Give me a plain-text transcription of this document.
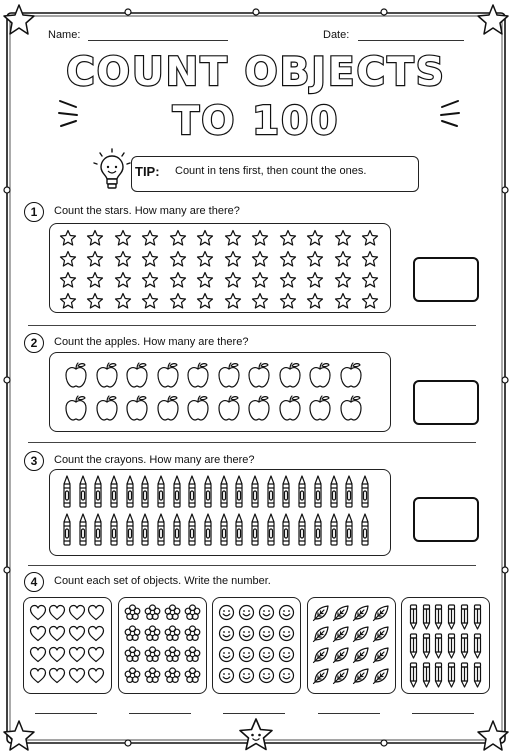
Name:	Date:
COUNT OBJECTS
TO 100
TIP: Count in tens first, then count the ones.
1	Count the stars. How many are there?
2	Count the apples. How many are there?
3	Count the crayons. How many are there?
4	Count each set of objects. Write the number.
